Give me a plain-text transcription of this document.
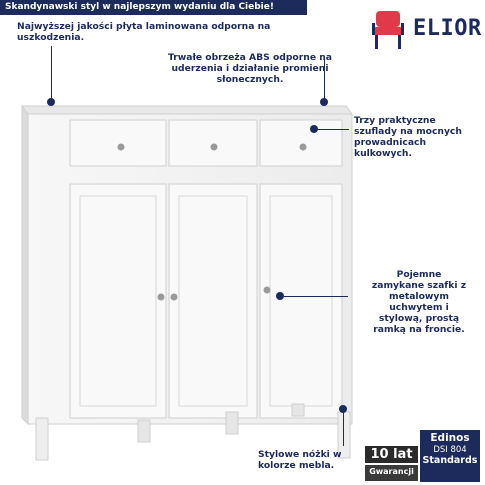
Skandynawski styl w najlepszym wydaniu dla Ciebie!
ELIOR
Najwyższej jakości płyta laminowana odporna na
uszkodzenia.
Trwałe obrzeża ABS odporne na
uderzenia i działanie promieni
słonecznych.
Trzy praktyczne
szuflady na mocnych
prowadnicach
kulkowych.
Pojemne
zamykane szafki z
metalowym
uchwytem i
stylową, prostą
ramką na froncie.
Stylowe nóżki w
kolorze mebla.
10 lat
Gwarancji
Edinos
DSI 804
Standards
